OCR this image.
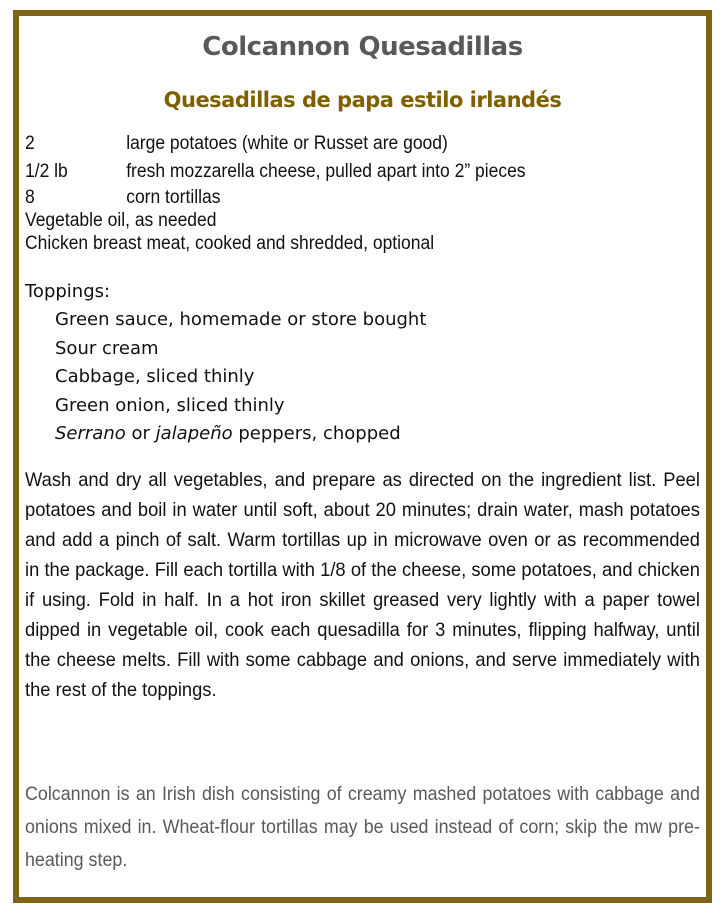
Colcannon Quesadillas
Quesadillas de papa estilo irlandés
2	large potatoes (white or Russet are good)
1/2 lb	fresh mozzarella cheese, pulled apart into 2” pieces
8	corn tortillas
Vegetable oil, as needed
Chicken breast meat, cooked and shredded, optional
Toppings:
Green sauce, homemade or store bought
Sour cream
Cabbage, sliced thinly
Green onion, sliced thinly
Serrano or jalapeño peppers, chopped
Wash and dry all vegetables, and prepare as directed on the ingredient list. Peel potatoes and boil in water until soft, about 20 minutes; drain water, mash potatoes and add a pinch of salt. Warm tortillas up in microwave oven or as recommended in the package. Fill each tortilla with 1/8 of the cheese, some potatoes, and chicken if using. Fold in half. In a hot iron skillet greased very lightly with a paper towel dipped in vegetable oil, cook each quesadilla for 3 minutes, flipping halfway, until the cheese melts. Fill with some cabbage and onions, and serve immediately with the rest of the toppings.
Colcannon is an Irish dish consisting of creamy mashed potatoes with cabbage and onions mixed in. Wheat-flour tortillas may be used instead of corn; skip the mw pre-heating step.
